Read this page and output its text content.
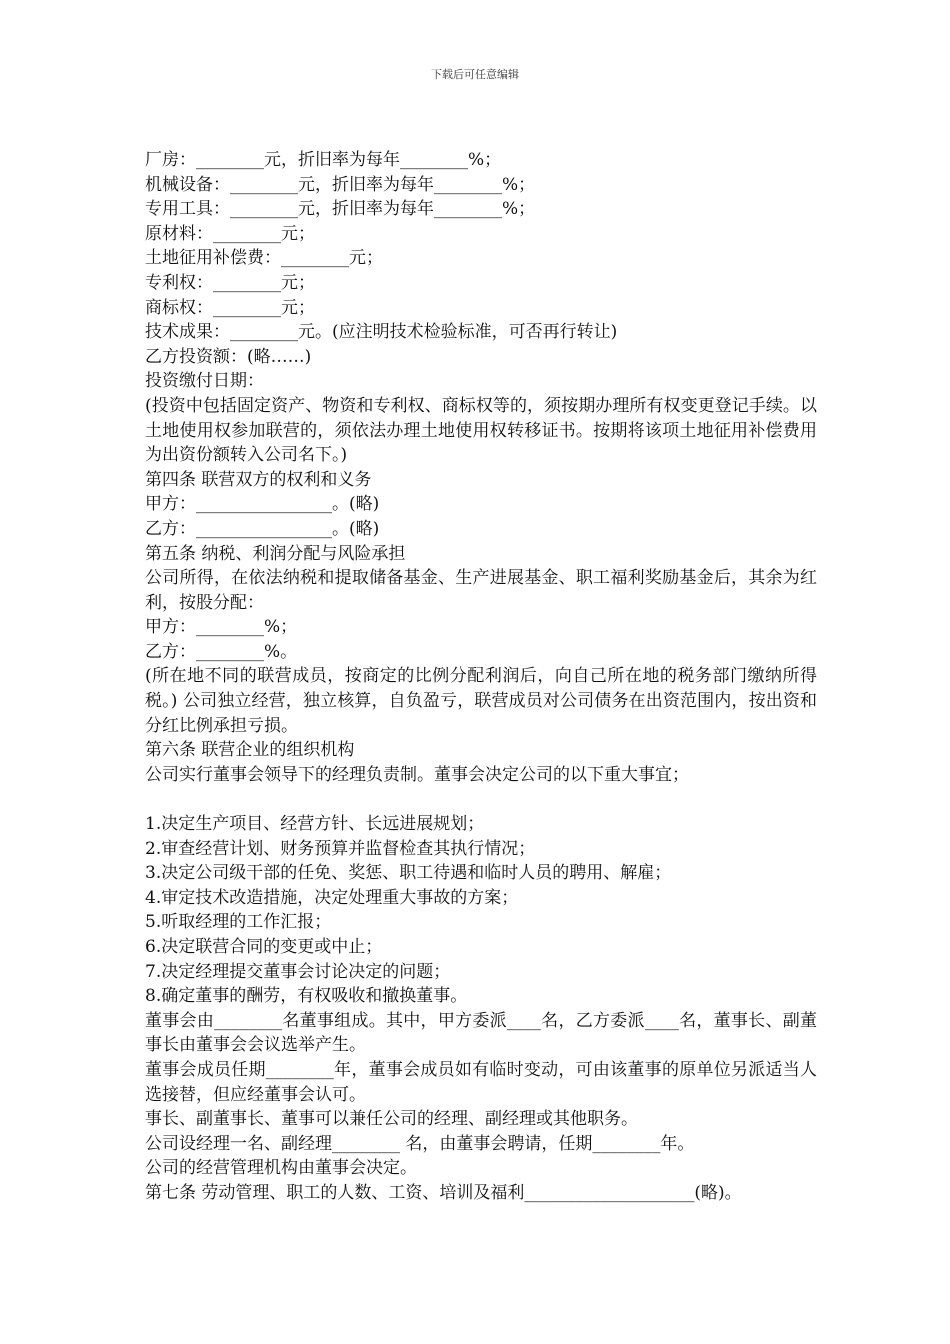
下载后可任意编辑
厂房：________元，折旧率为每年________%；
机械设备：________元，折旧率为每年________%；
专用工具：________元，折旧率为每年________%；
原材料：________元；
土地征用补偿费：________元；
专利权：________元；
商标权：________元；
技术成果：________元。(应注明技术检验标准，可否再行转让)
乙方投资额：(略……)
投资缴付日期：
(投资中包括固定资产、物资和专利权、商标权等的，须按期办理所有权变更登记手续。以土地使用权参加联营的，须依法办理土地使用权转移证书。按期将该项土地征用补偿费用为出资份额转入公司名下。)
第四条 联营双方的权利和义务
甲方：________________。(略)
乙方：________________。(略)
第五条 纳税、利润分配与风险承担
公司所得，在依法纳税和提取储备基金、生产进展基金、职工福利奖励基金后，其余为红利，按股分配：
甲方：________%；
乙方：________%。
(所在地不同的联营成员，按商定的比例分配利润后，向自己所在地的税务部门缴纳所得税。) 公司独立经营，独立核算，自负盈亏，联营成员对公司债务在出资范围内，按出资和分红比例承担亏损。
第六条 联营企业的组织机构
公司实行董事会领导下的经理负责制。董事会决定公司的以下重大事宜；
1.决定生产项目、经营方针、长远进展规划；
2.审查经营计划、财务预算并监督检查其执行情况；
3.决定公司级干部的任免、奖惩、职工待遇和临时人员的聘用、解雇；
4.审定技术改造措施，决定处理重大事故的方案；
5.听取经理的工作汇报；
6.决定联营合同的变更或中止；
7.决定经理提交董事会讨论决定的问题；
8.确定董事的酬劳，有权吸收和撤换董事。
董事会由________名董事组成。其中，甲方委派____名，乙方委派____名，董事长、副董事长由董事会会议选举产生。
董事会成员任期________年，董事会成员如有临时变动，可由该董事的原单位另派适当人选接替，但应经董事会认可。
事长、副董事长、董事可以兼任公司的经理、副经理或其他职务。
公司设经理一名、副经理________ 名，由董事会聘请，任期________年。
公司的经营管理机构由董事会决定。
第七条 劳动管理、职工的人数、工资、培训及福利____________________(略)。
